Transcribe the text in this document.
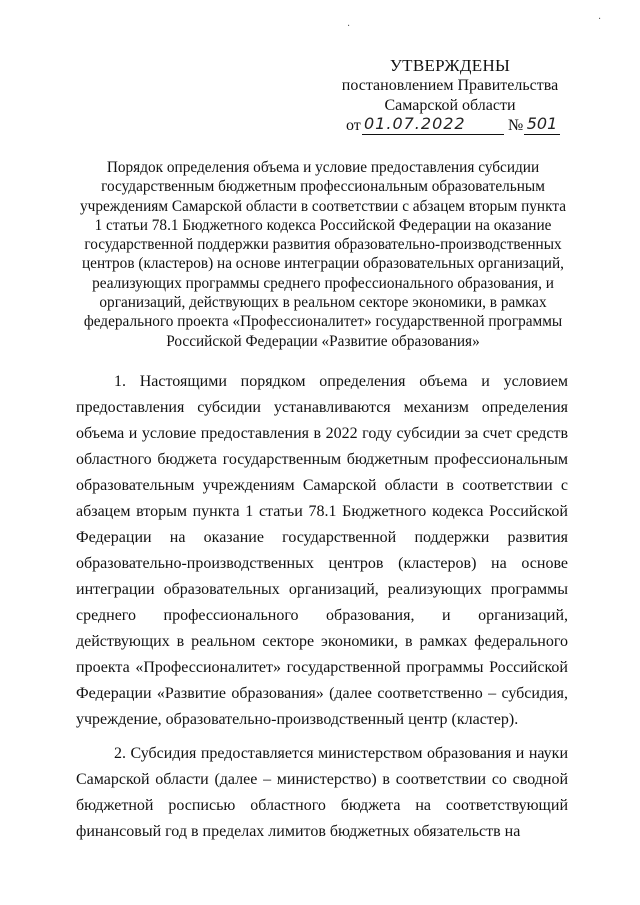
УТВЕРЖДЕНЫ
постановлением Правительства
Самарской области
от 01.07.2022	№ 501
Порядок определения объема и условие предоставления субсидии государственным бюджетным профессиональным образовательным учреждениям Самарской области в соответствии с абзацем вторым пункта 1 статьи 78.1 Бюджетного кодекса Российской Федерации на оказание государственной поддержки развития образовательно-производственных центров (кластеров) на основе интеграции образовательных организаций, реализующих программы среднего профессионального образования, и организаций, действующих в реальном секторе экономики, в рамках федерального проекта «Профессионалитет» государственной программы Российской Федерации «Развитие образования»

1. Настоящими порядком определения объема и условием предоставления субсидии устанавливаются механизм определения объема и условие предоставления в 2022 году субсидии за счет средств областного бюджета государственным бюджетным профессиональным образовательным учреждениям Самарской области в соответствии с абзацем вторым пункта 1 статьи 78.1 Бюджетного кодекса Российской Федерации на оказание государственной поддержки развития образовательно-производственных центров (кластеров) на основе интеграции образовательных организаций, реализующих программы среднего профессионального образования, и организаций, действующих в реальном секторе экономики, в рамках федерального проекта «Профессионалитет» государственной программы Российской Федерации «Развитие образования» (далее соответственно – субсидия, учреждение, образовательно-производственный центр (кластер).

2. Субсидия предоставляется министерством образования и науки Самарской области (далее – министерство) в соответствии со сводной бюджетной росписью областного бюджета на соответствующий финансовый год в пределах лимитов бюджетных обязательств на

·
·
